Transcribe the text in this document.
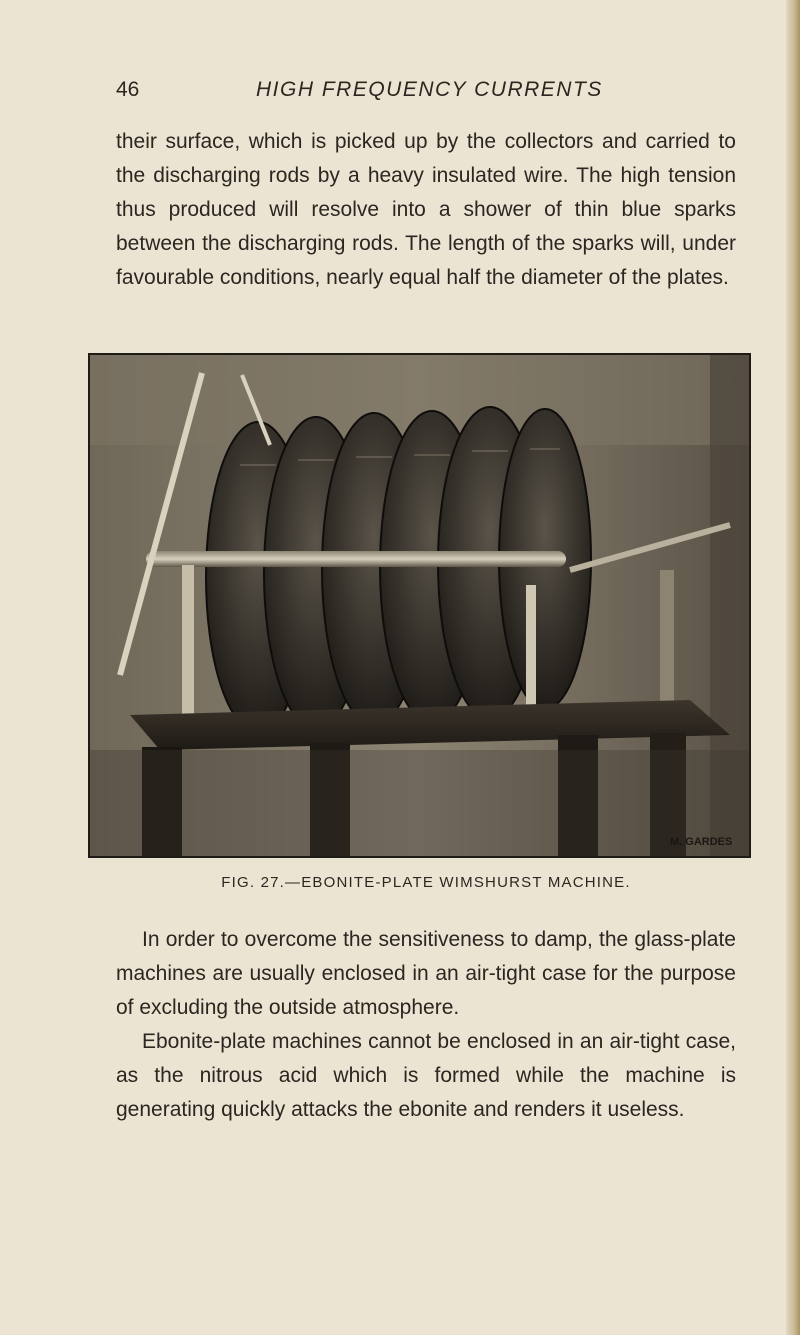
46	HIGH FREQUENCY CURRENTS

their surface, which is picked up by the collectors and carried to the discharging rods by a heavy insulated wire. The high tension thus produced will resolve into a shower of thin blue sparks between the discharging rods. The length of the sparks will, under favourable conditions, nearly equal half the diameter of the plates.

M. GARDES
FIG. 27.—EBONITE-PLATE WIMSHURST MACHINE.

In order to overcome the sensitiveness to damp, the glass-plate machines are usually enclosed in an air-tight case for the purpose of excluding the outside atmosphere.

Ebonite-plate machines cannot be enclosed in an air-tight case, as the nitrous acid which is formed while the machine is generating quickly attacks the ebonite and renders it useless.
